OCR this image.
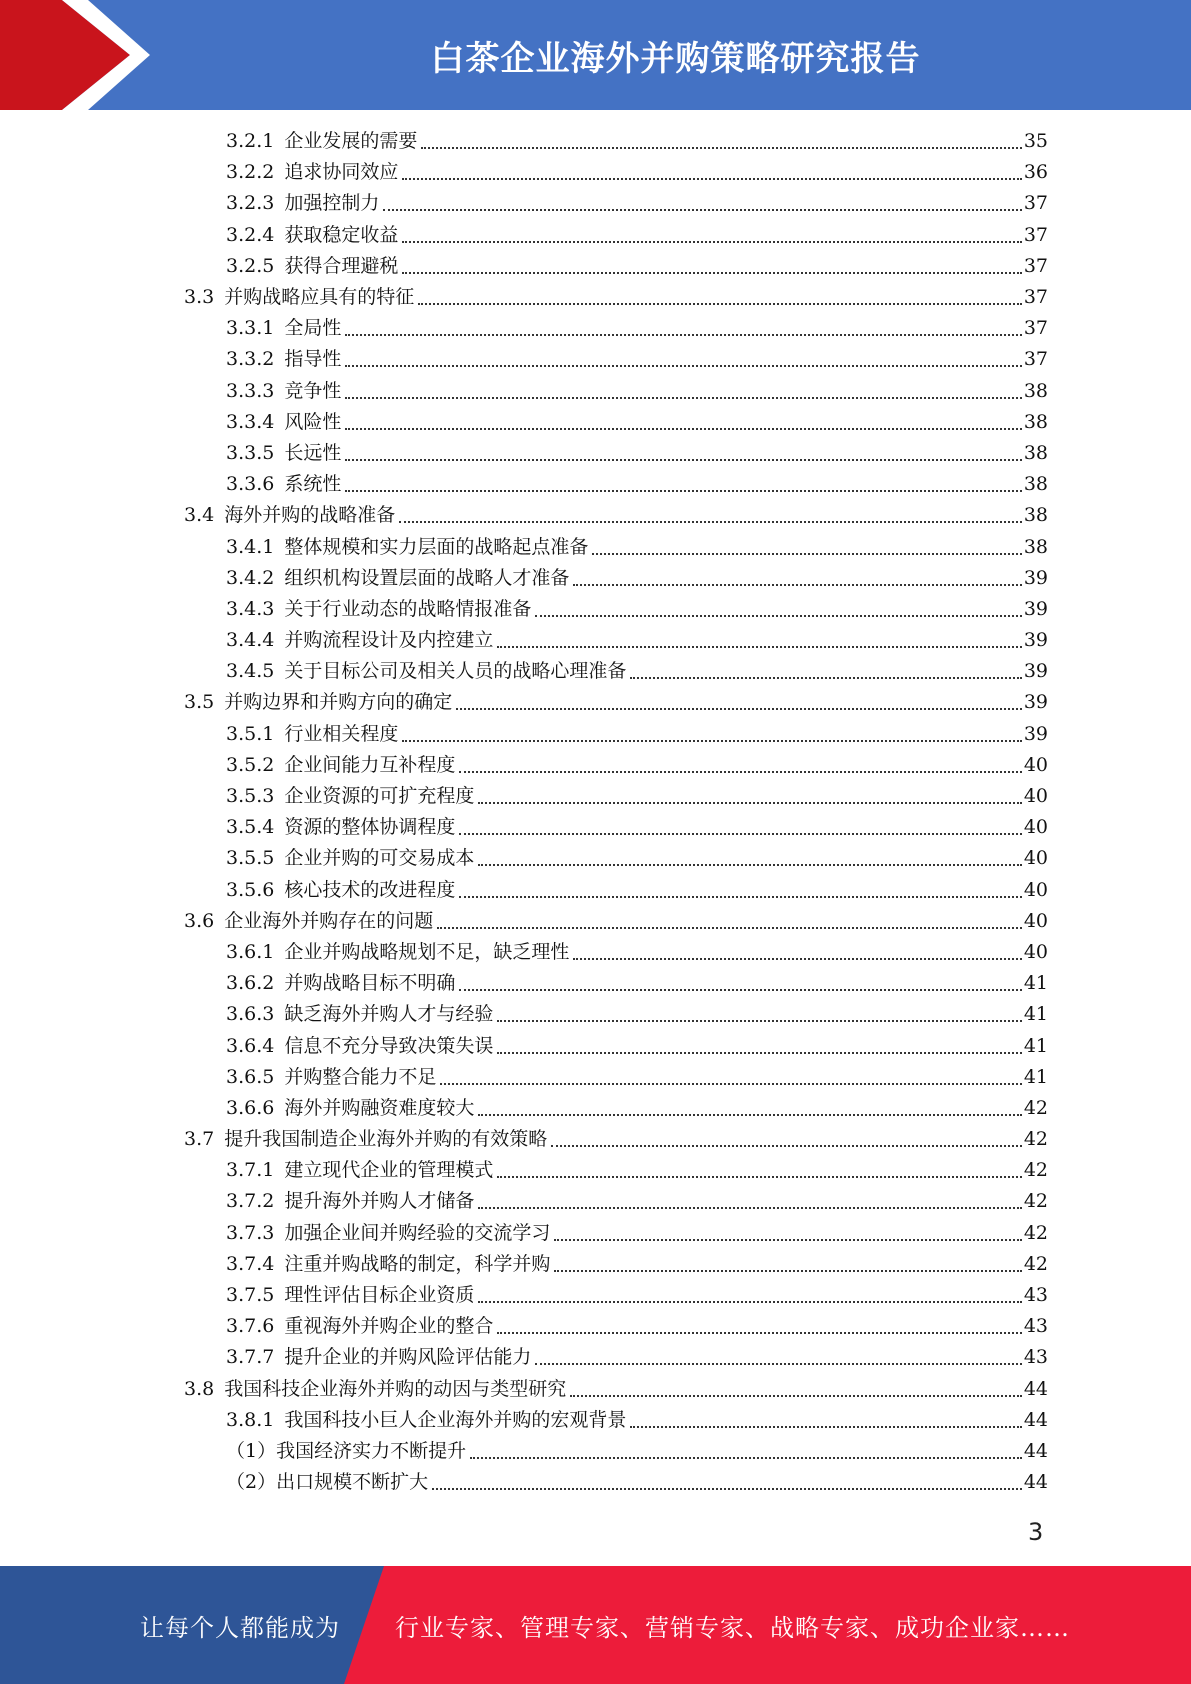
白茶企业海外并购策略研究报告
3.2.1 企业发展的需要	35
3.2.2 追求协同效应	36
3.2.3 加强控制力	37
3.2.4 获取稳定收益	37
3.2.5 获得合理避税	37
3.3 并购战略应具有的特征	37
3.3.1 全局性	37
3.3.2 指导性	37
3.3.3 竞争性	38
3.3.4 风险性	38
3.3.5 长远性	38
3.3.6 系统性	38
3.4 海外并购的战略准备	38
3.4.1 整体规模和实力层面的战略起点准备	38
3.4.2 组织机构设置层面的战略人才准备	39
3.4.3 关于行业动态的战略情报准备	39
3.4.4 并购流程设计及内控建立	39
3.4.5 关于目标公司及相关人员的战略心理准备	39
3.5 并购边界和并购方向的确定	39
3.5.1 行业相关程度	39
3.5.2 企业间能力互补程度	40
3.5.3 企业资源的可扩充程度	40
3.5.4 资源的整体协调程度	40
3.5.5 企业并购的可交易成本	40
3.5.6 核心技术的改进程度	40
3.6 企业海外并购存在的问题	40
3.6.1 企业并购战略规划不足，缺乏理性	40
3.6.2 并购战略目标不明确	41
3.6.3 缺乏海外并购人才与经验	41
3.6.4 信息不充分导致决策失误	41
3.6.5 并购整合能力不足	41
3.6.6 海外并购融资难度较大	42
3.7 提升我国制造企业海外并购的有效策略	42
3.7.1 建立现代企业的管理模式	42
3.7.2 提升海外并购人才储备	42
3.7.3 加强企业间并购经验的交流学习	42
3.7.4 注重并购战略的制定，科学并购	42
3.7.5 理性评估目标企业资质	43
3.7.6 重视海外并购企业的整合	43
3.7.7 提升企业的并购风险评估能力	43
3.8 我国科技企业海外并购的动因与类型研究	44
3.8.1 我国科技小巨人企业海外并购的宏观背景	44
（1） 我国经济实力不断提升	44
（2） 出口规模不断扩大	44
3
让每个人都能成为	行业专家、管理专家、营销专家、战略专家、成功企业家……
